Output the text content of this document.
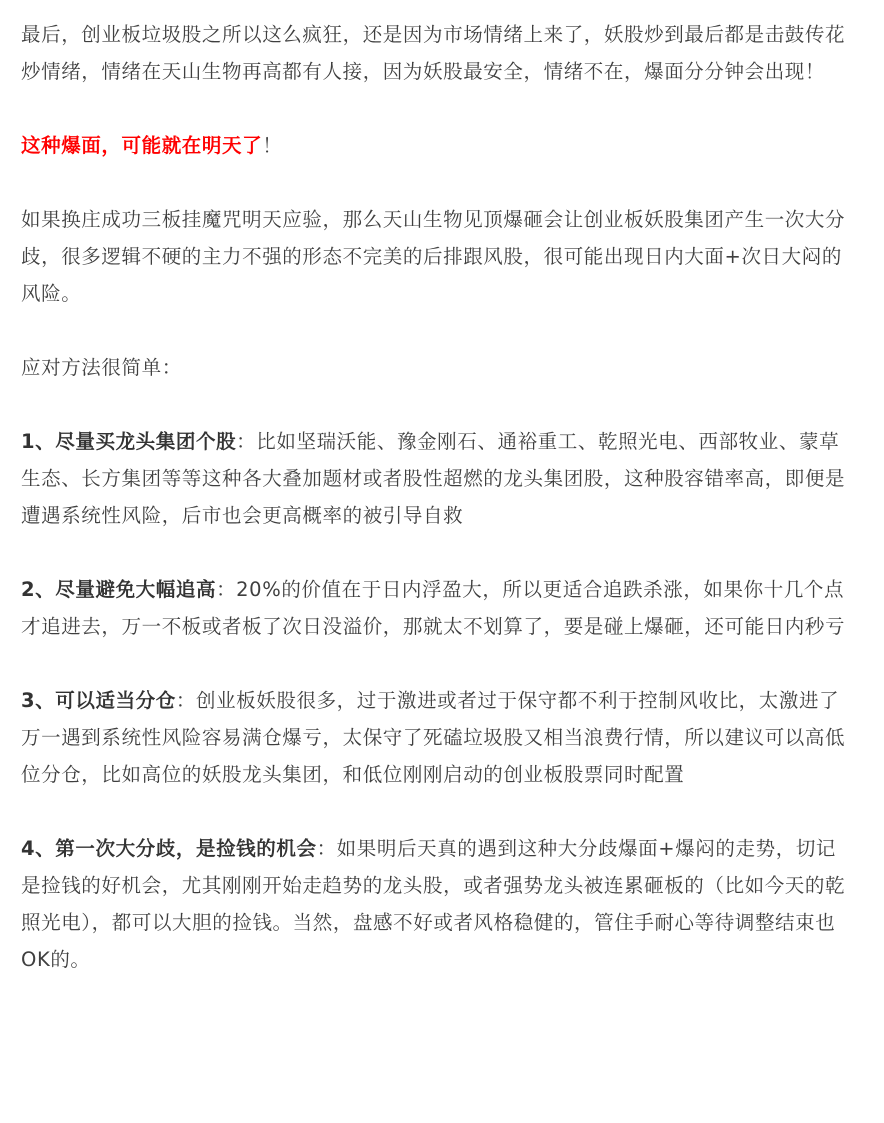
最后，创业板垃圾股之所以这么疯狂，还是因为市场情绪上来了，妖股炒到最后都是击鼓传花炒情绪，情绪在天山生物再高都有人接，因为妖股最安全，情绪不在，爆面分分钟会出现！

这种爆面，可能就在明天了！

如果换庄成功三板挂魔咒明天应验，那么天山生物见顶爆砸会让创业板妖股集团产生一次大分歧，很多逻辑不硬的主力不强的形态不完美的后排跟风股，很可能出现日内大面+次日大闷的风险。

应对方法很简单：

1、尽量买龙头集团个股：比如坚瑞沃能、豫金刚石、通裕重工、乾照光电、西部牧业、蒙草生态、长方集团等等这种各大叠加题材或者股性超燃的龙头集团股，这种股容错率高，即便是遭遇系统性风险，后市也会更高概率的被引导自救

2、尽量避免大幅追高：20%的价值在于日内浮盈大，所以更适合追跌杀涨，如果你十几个点才追进去，万一不板或者板了次日没溢价，那就太不划算了，要是碰上爆砸，还可能日内秒亏

3、可以适当分仓：创业板妖股很多，过于激进或者过于保守都不利于控制风收比，太激进了万一遇到系统性风险容易满仓爆亏，太保守了死磕垃圾股又相当浪费行情，所以建议可以高低位分仓，比如高位的妖股龙头集团，和低位刚刚启动的创业板股票同时配置

4、第一次大分歧，是捡钱的机会：如果明后天真的遇到这种大分歧爆面+爆闷的走势，切记是捡钱的好机会，尤其刚刚开始走趋势的龙头股，或者强势龙头被连累砸板的（比如今天的乾照光电），都可以大胆的捡钱。当然，盘感不好或者风格稳健的，管住手耐心等待调整结束也OK的。
